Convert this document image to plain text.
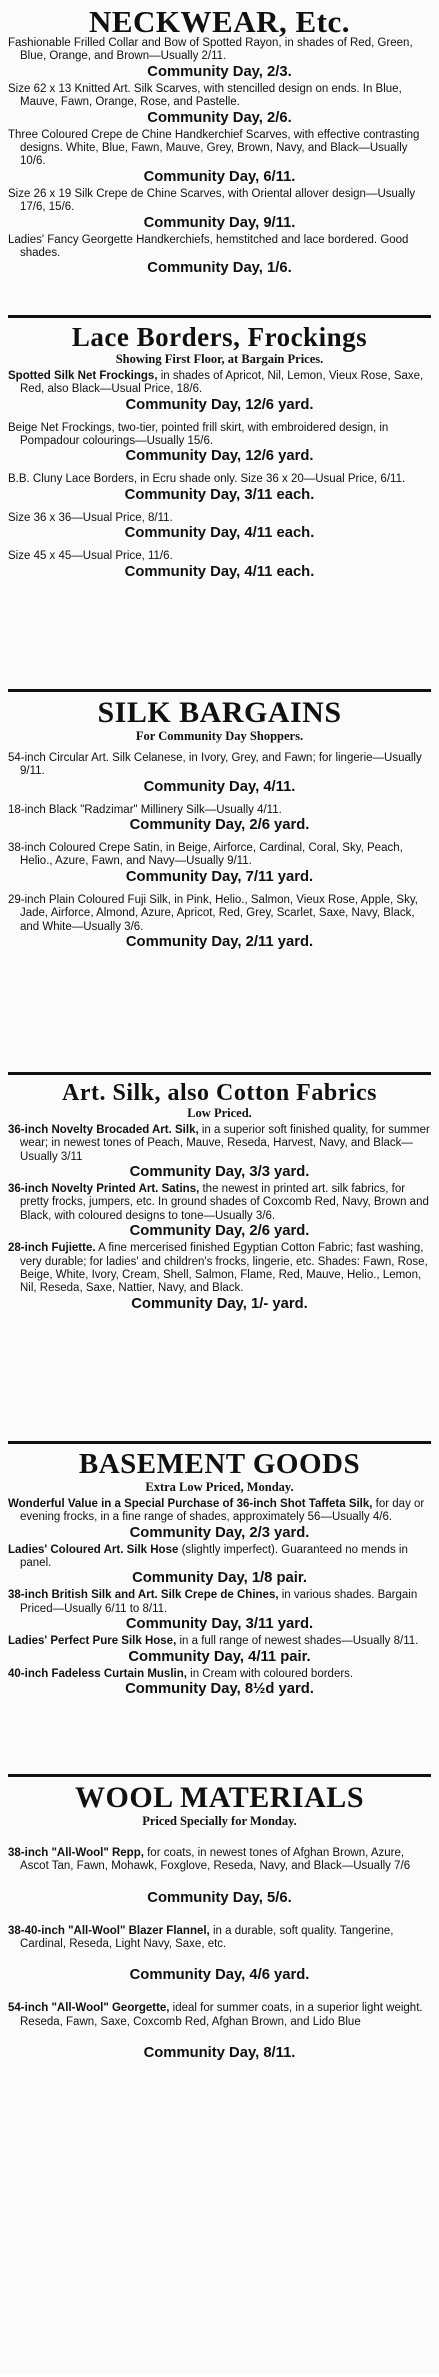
NECKWEAR, Etc.

Fashionable Frilled Collar and Bow of Spotted Rayon, in shades of Red, Green, Blue, Orange, and Brown—Usually 2/11.

Community Day, 2/3.

Size 62 x 13 Knitted Art. Silk Scarves, with stencilled design on ends. In Blue, Mauve, Fawn, Orange, Rose, and Pastelle.

Community Day, 2/6.

Three Coloured Crepe de Chine Handkerchief Scarves, with effective contrasting designs. White, Blue, Fawn, Mauve, Grey, Brown, Navy, and Black—Usually 10/6.

Community Day, 6/11.

Size 26 x 19 Silk Crepe de Chine Scarves, with Oriental allover design—Usually 17/6, 15/6.

Community Day, 9/11.

Ladies' Fancy Georgette Handkerchiefs, hemstitched and lace bordered. Good shades.

Community Day, 1/6.

Lace Borders, Frockings

Showing First Floor, at Bargain Prices.

Spotted Silk Net Frockings, in shades of Apricot, Nil, Lemon, Vieux Rose, Saxe, Red, also Black—Usual Price, 18/6.

Community Day, 12/6 yard.

Beige Net Frockings, two-tier, pointed frill skirt, with embroidered design, in Pompadour colourings—Usually 15/6.

Community Day, 12/6 yard.

B.B. Cluny Lace Borders, in Ecru shade only. Size 36 x 20—Usual Price, 6/11.

Community Day, 3/11 each.

Size 36 x 36—Usual Price, 8/11.

Community Day, 4/11 each.

Size 45 x 45—Usual Price, 11/6.

Community Day, 4/11 each.

SILK BARGAINS

For Community Day Shoppers.

54-inch Circular Art. Silk Celanese, in Ivory, Grey, and Fawn; for lingerie—Usually 9/11.

Community Day, 4/11.

18-inch Black "Radzimar" Millinery Silk—Usually 4/11.

Community Day, 2/6 yard.

38-inch Coloured Crepe Satin, in Beige, Airforce, Cardinal, Coral, Sky, Peach, Helio., Azure, Fawn, and Navy—Usually 9/11.

Community Day, 7/11 yard.

29-inch Plain Coloured Fuji Silk, in Pink, Helio., Salmon, Vieux Rose, Apple, Sky, Jade, Airforce, Almond, Azure, Apricot, Red, Grey, Scarlet, Saxe, Navy, Black, and White—Usually 3/6.

Community Day, 2/11 yard.

Art. Silk, also Cotton Fabrics

Low Priced.

36-inch Novelty Brocaded Art. Silk, in a superior soft finished quality, for summer wear; in newest tones of Peach, Mauve, Reseda, Harvest, Navy, and Black—Usually 3/11

Community Day, 3/3 yard.

36-inch Novelty Printed Art. Satins, the newest in printed art. silk fabrics, for pretty frocks, jumpers, etc. In ground shades of Coxcomb Red, Navy, Brown and Black, with coloured designs to tone—Usually 3/6.

Community Day, 2/6 yard.

28-inch Fujiette. A fine mercerised finished Egyptian Cotton Fabric; fast washing, very durable; for ladies' and children's frocks, lingerie, etc. Shades: Fawn, Rose, Beige, White, Ivory, Cream, Shell, Salmon, Flame, Red, Mauve, Helio., Lemon, Nil, Reseda, Saxe, Nattier, Navy, and Black.

Community Day, 1/- yard.

BASEMENT GOODS

Extra Low Priced, Monday.

Wonderful Value in a Special Purchase of 36-inch Shot Taffeta Silk, for day or evening frocks, in a fine range of shades, approximately 56—Usually 4/6.

Community Day, 2/3 yard.

Ladies' Coloured Art. Silk Hose (slightly imperfect). Guaranteed no mends in panel.

Community Day, 1/8 pair.

38-inch British Silk and Art. Silk Crepe de Chines, in various shades. Bargain Priced—Usually 6/11 to 8/11.

Community Day, 3/11 yard.

Ladies' Perfect Pure Silk Hose, in a full range of newest shades—Usually 8/11.

Community Day, 4/11 pair.

40-inch Fadeless Curtain Muslin, in Cream with coloured borders.

Community Day, 8½d yard.

WOOL MATERIALS

Priced Specially for Monday.

38-inch "All-Wool" Repp, for coats, in newest tones of Afghan Brown, Azure, Ascot Tan, Fawn, Mohawk, Foxglove, Reseda, Navy, and Black—Usually 7/6

Community Day, 5/6.

38-40-inch "All-Wool" Blazer Flannel, in a durable, soft quality. Tangerine, Cardinal, Reseda, Light Navy, Saxe, etc.

Community Day, 4/6 yard.

54-inch "All-Wool" Georgette, ideal for summer coats, in a superior light weight. Reseda, Fawn, Saxe, Coxcomb Red, Afghan Brown, and Lido Blue

Community Day, 8/11.
